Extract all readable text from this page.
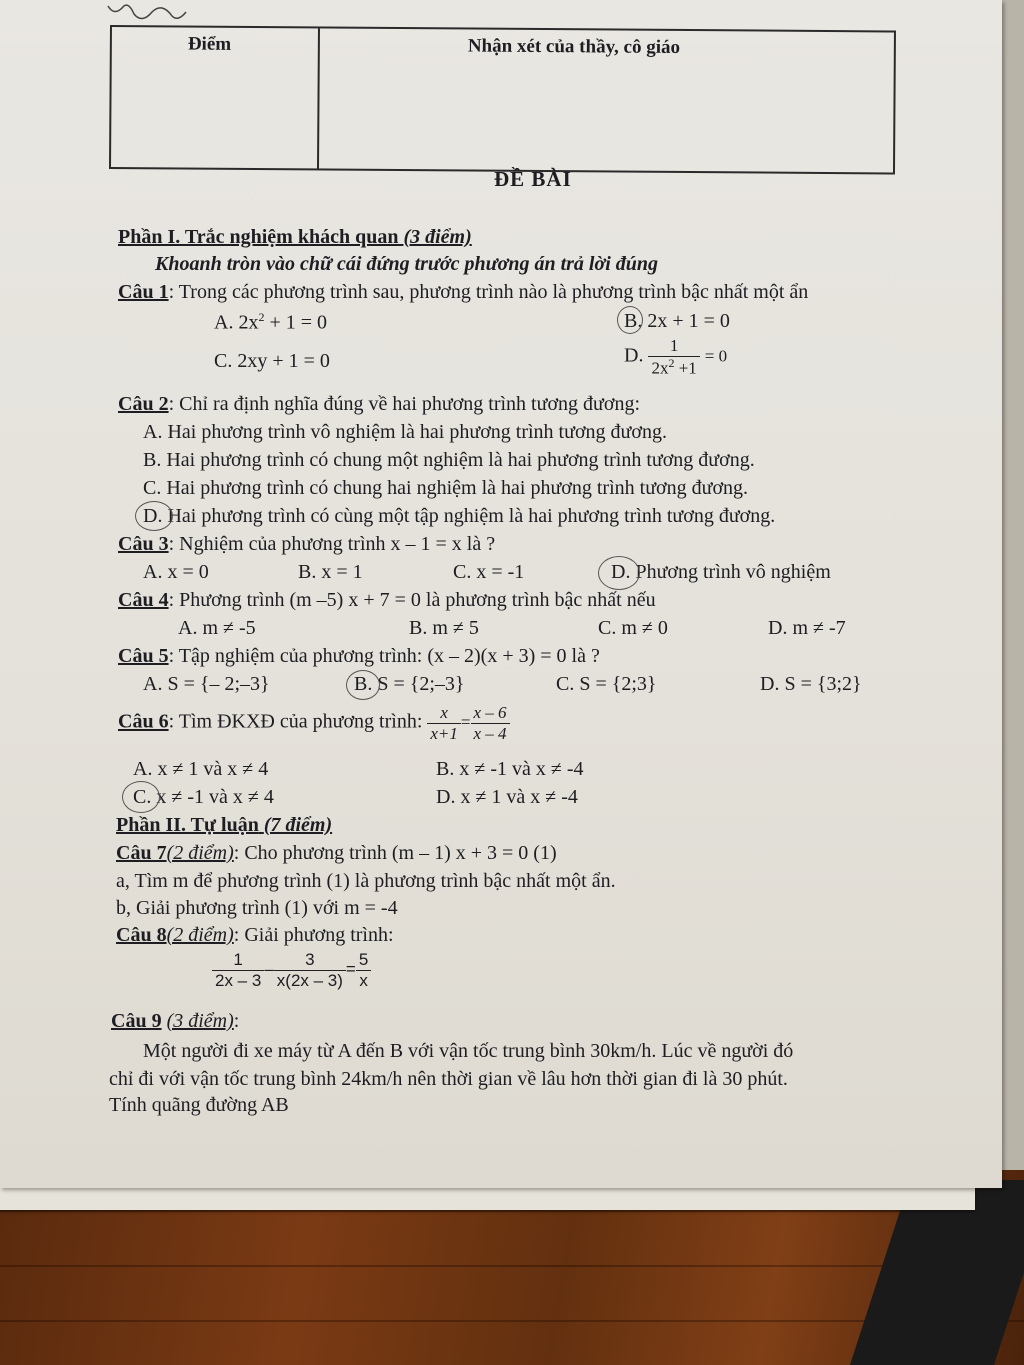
Điểm	Nhận xét của thầy, cô giáo
ĐỀ BÀI
Phần I. Trắc nghiệm khách quan (3 điểm)
Khoanh tròn vào chữ cái đứng trước phương án trả lời đúng
Câu 1: Trong các phương trình sau, phương trình nào là phương trình bậc nhất một ẩn
A. $2x^2 + 1 = 0$	B. 2x + 1 = 0
C. 2xy + 1 = 0	D. $\frac{1}{2x^2 +1} = 0$
Câu 2: Chỉ ra định nghĩa đúng về hai phương trình tương đương:
A. Hai phương trình vô nghiệm là hai phương trình tương đương.
B. Hai phương trình có chung một nghiệm là hai phương trình tương đương.
C. Hai phương trình có chung hai nghiệm là hai phương trình tương đương.
D. Hai phương trình có cùng một tập nghiệm là hai phương trình tương đương.
Câu 3: Nghiệm của phương trình x – 1 = x là ?
A. x = 0	B. x = 1	C. x = -1	D. Phương trình vô nghiệm
Câu 4: Phương trình (m –5) x + 7 = 0 là phương trình bậc nhất nếu
A. m ≠ -5	B. m ≠ 5	C. m ≠ 0	D. m ≠ -7
Câu 5: Tập nghiệm của phương trình: (x – 2)(x + 3) = 0 là ?
A. S = {– 2;–3}	B. S = {2;–3}	C. S = {2;3}	D. S = {3;2}
Câu 6: Tìm ĐKXĐ của phương trình: $\frac{x}{x+1} = \frac{x - 6}{x - 4}$
A. x ≠ 1 và x ≠ 4	B. x ≠ -1 và x ≠ -4
C. x ≠ -1 và x ≠ 4	D. x ≠ 1 và x ≠ -4
Phần II. Tự luận (7 điểm)
Câu 7(2 điểm): Cho phương trình (m – 1) x + 3 = 0 (1)
a, Tìm m để phương trình (1) là phương trình bậc nhất một ẩn.
b, Giải phương trình (1) với m = -4
Câu 8(2 điểm): Giải phương trình:
$\frac{1}{2x - 3} - \frac{3}{x(2x - 3)} = \frac{5}{x}$
Câu 9 (3 điểm):
Một người đi xe máy từ A đến B với vận tốc trung bình 30km/h. Lúc về người đó
chỉ đi với vận tốc trung bình 24km/h nên thời gian về lâu hơn thời gian đi là 30 phút.
Tính quãng đường AB
